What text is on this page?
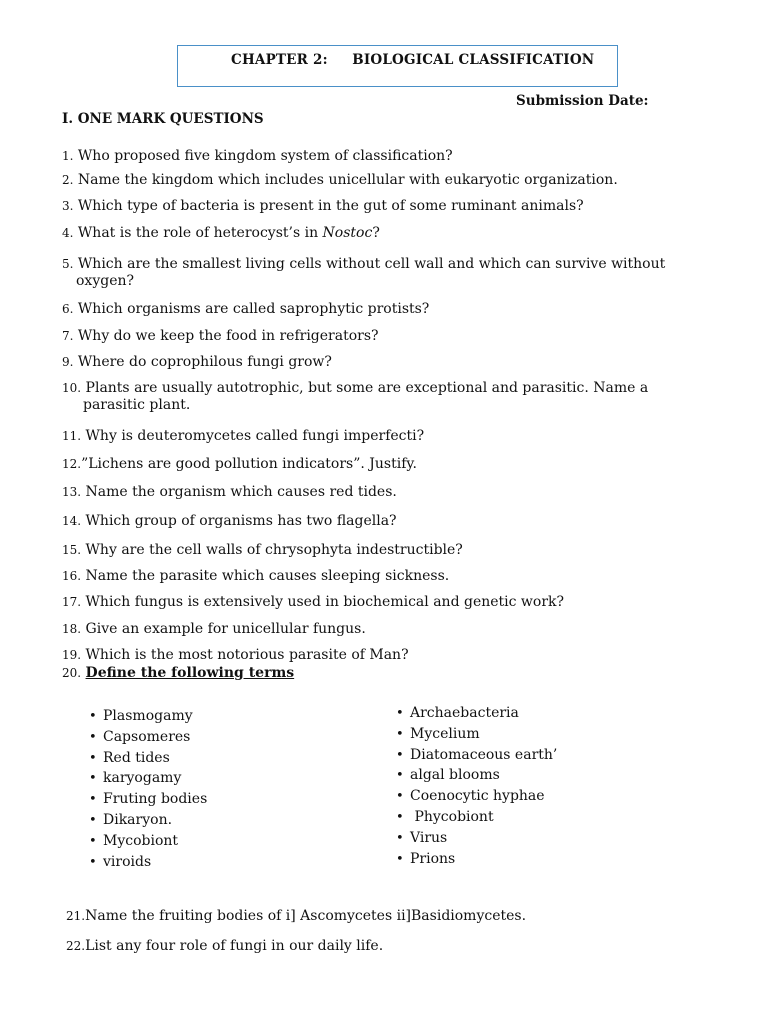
CHAPTER 2:     BIOLOGICAL CLASSIFICATION
Submission Date:
I. ONE MARK QUESTIONS
1. Who proposed five kingdom system of classification?
2. Name the kingdom which includes unicellular with eukaryotic organization.
3. Which type of bacteria is present in the gut of some ruminant animals?
4. What is the role of heterocyst’s in Nostoc?
5. Which are the smallest living cells without cell wall and which can survive without
oxygen?
6. Which organisms are called saprophytic protists?
7. Why do we keep the food in refrigerators?
9. Where do coprophilous fungi grow?
10. Plants are usually autotrophic, but some are exceptional and parasitic. Name a
parasitic plant.
11. Why is deuteromycetes called fungi imperfecti?
12.”Lichens are good pollution indicators”. Justify.
13. Name the organism which causes red tides.
14. Which group of organisms has two flagella?
15. Why are the cell walls of chrysophyta indestructible?
16. Name the parasite which causes sleeping sickness.
17. Which fungus is extensively used in biochemical and genetic work?
18. Give an example for unicellular fungus.
19. Which is the most notorious parasite of Man?
20. Define the following terms
• Plasmogamy
• Capsomeres
• Red tides
• karyogamy
• Fruting bodies
• Dikaryon.
• Mycobiont
• viroids
• Archaebacteria
• Mycelium
• Diatomaceous earth’
• algal blooms
• Coenocytic hyphae
•  Phycobiont
• Virus
• Prions
21.Name the fruiting bodies of i] Ascomycetes ii]Basidiomycetes.
22.List any four role of fungi in our daily life.
